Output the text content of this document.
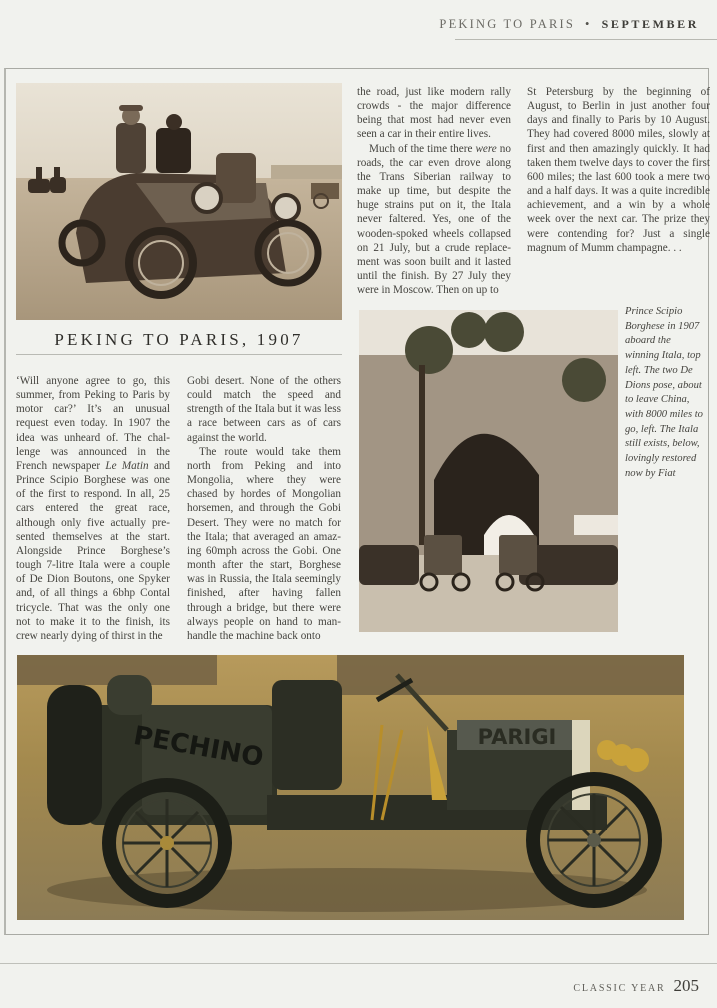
PEKING TO PARIS • SEPTEMBER
PEKING TO PARIS, 1907

‘Will anyone agree to go, this summer, from Peking to Paris by motor car?’ It’s an unusual request even today. In 1907 the idea was unheard of. The challenge was announced in the French newspaper Le Matin and Prince Scipio Borghese was one of the first to respond. In all, 25 cars entered the great race, although only five actually presented themselves at the start. Alongside Prince Borghese’s tough 7-litre Itala were a couple of De Dion Boutons, one Spyker and, of all things a 6bhp Contal tricycle. That was the only one not to make it to the finish, its crew nearly dying of thirst in the

Gobi desert. None of the others could match the speed and strength of the Itala but it was less a race between cars as of cars against the world.

The route would take them north from Peking and into Mongolia, where they were chased by hordes of Mongolian horsemen, and through the Gobi Desert. They were no match for the Itala; that averaged an amazing 60mph across the Gobi. One month after the start, Borghese was in Russia, the Itala seemingly finished, after having fallen through a bridge, but there were always people on hand to manhandle the machine back onto

the road, just like modern rally crowds - the major difference being that most had never even seen a car in their entire lives.

Much of the time there were no roads, the car even drove along the Trans Siberian railway to make up time, but despite the huge strains put on it, the Itala never faltered. Yes, one of the wooden-spoked wheels collapsed on 21 July, but a crude replacement was soon built and it lasted until the finish. By 27 July they were in Moscow. Then on up to

St Petersburg by the beginning of August, to Berlin in just another four days and finally to Paris by 10 August. They had covered 8000 miles, slowly at first and then amazingly quickly. It had taken them twelve days to cover the first 600 miles; the last 600 took a mere two and a half days. It was a quite incredible achievement, and a win by a whole week over the next car. The prize they were contending for? Just a single magnum of Mumm champagne. . .

Prince Scipio Borghese in 1907 aboard the winning Itala, top left. The two De Dions pose, about to leave China, with 8000 miles to go, left. The Itala still exists, below, lovingly restored now by Fiat
PECHINO	PARIGI
CLASSIC YEAR 205
